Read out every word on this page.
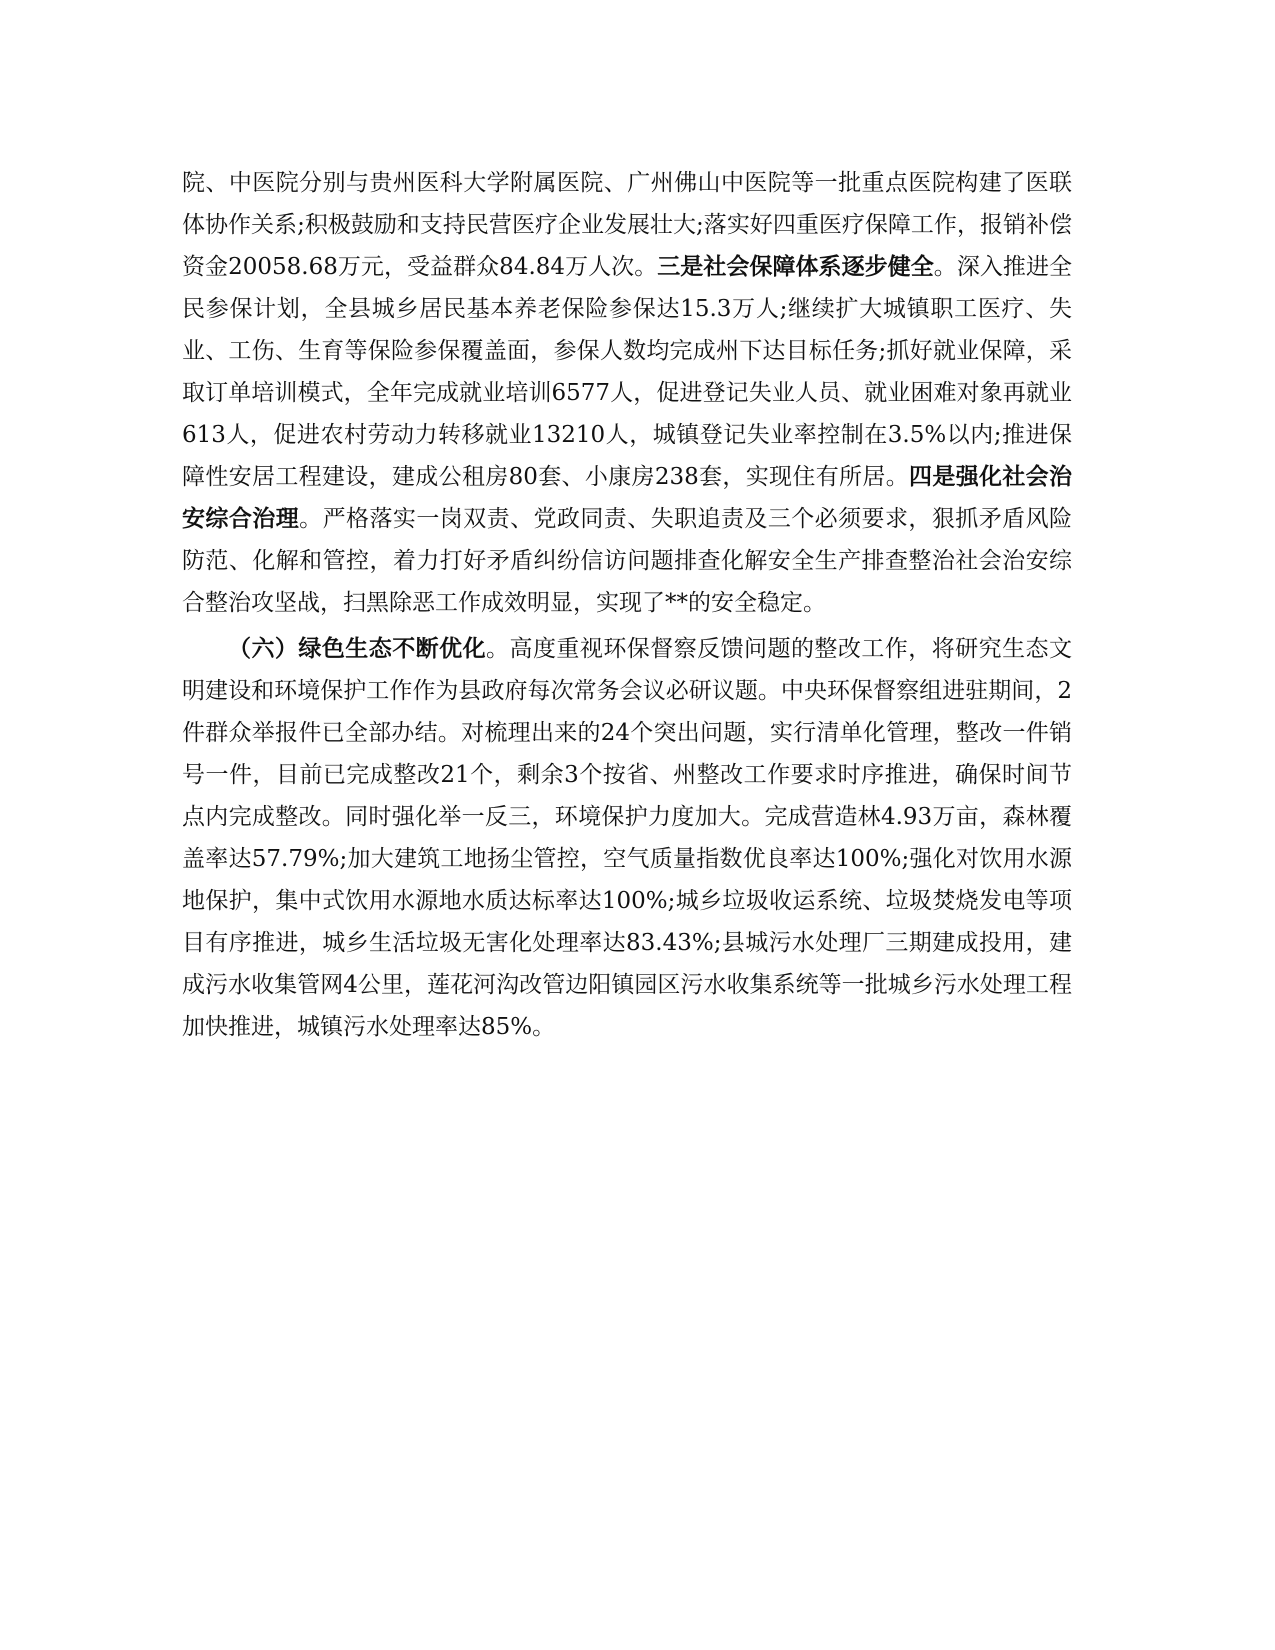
院、中医院分别与贵州医科大学附属医院、广州佛山中医院等一批重点医院构建了医联体协作关系;积极鼓励和支持民营医疗企业发展壮大;落实好四重医疗保障工作，报销补偿资金20058.68万元，受益群众84.84万人次。三是社会保障体系逐步健全。深入推进全民参保计划，全县城乡居民基本养老保险参保达15.3万人;继续扩大城镇职工医疗、失业、工伤、生育等保险参保覆盖面，参保人数均完成州下达目标任务;抓好就业保障，采取订单培训模式，全年完成就业培训6577人，促进登记失业人员、就业困难对象再就业613人，促进农村劳动力转移就业13210人，城镇登记失业率控制在3.5%以内;推进保障性安居工程建设，建成公租房80套、小康房238套，实现住有所居。四是强化社会治安综合治理。严格落实一岗双责、党政同责、失职追责及三个必须要求，狠抓矛盾风险防范、化解和管控，着力打好矛盾纠纷信访问题排查化解安全生产排查整治社会治安综合整治攻坚战，扫黑除恶工作成效明显，实现了**的安全稳定。

（六）绿色生态不断优化。高度重视环保督察反馈问题的整改工作，将研究生态文明建设和环境保护工作作为县政府每次常务会议必研议题。中央环保督察组进驻期间，2件群众举报件已全部办结。对梳理出来的24个突出问题，实行清单化管理，整改一件销号一件，目前已完成整改21个，剩余3个按省、州整改工作要求时序推进，确保时间节点内完成整改。同时强化举一反三，环境保护力度加大。完成营造林4.93万亩，森林覆盖率达57.79%;加大建筑工地扬尘管控，空气质量指数优良率达100%;强化对饮用水源地保护，集中式饮用水源地水质达标率达100%;城乡垃圾收运系统、垃圾焚烧发电等项目有序推进，城乡生活垃圾无害化处理率达83.43%;县城污水处理厂三期建成投用，建成污水收集管网4公里，莲花河沟改管边阳镇园区污水收集系统等一批城乡污水处理工程加快推进，城镇污水处理率达85%。
